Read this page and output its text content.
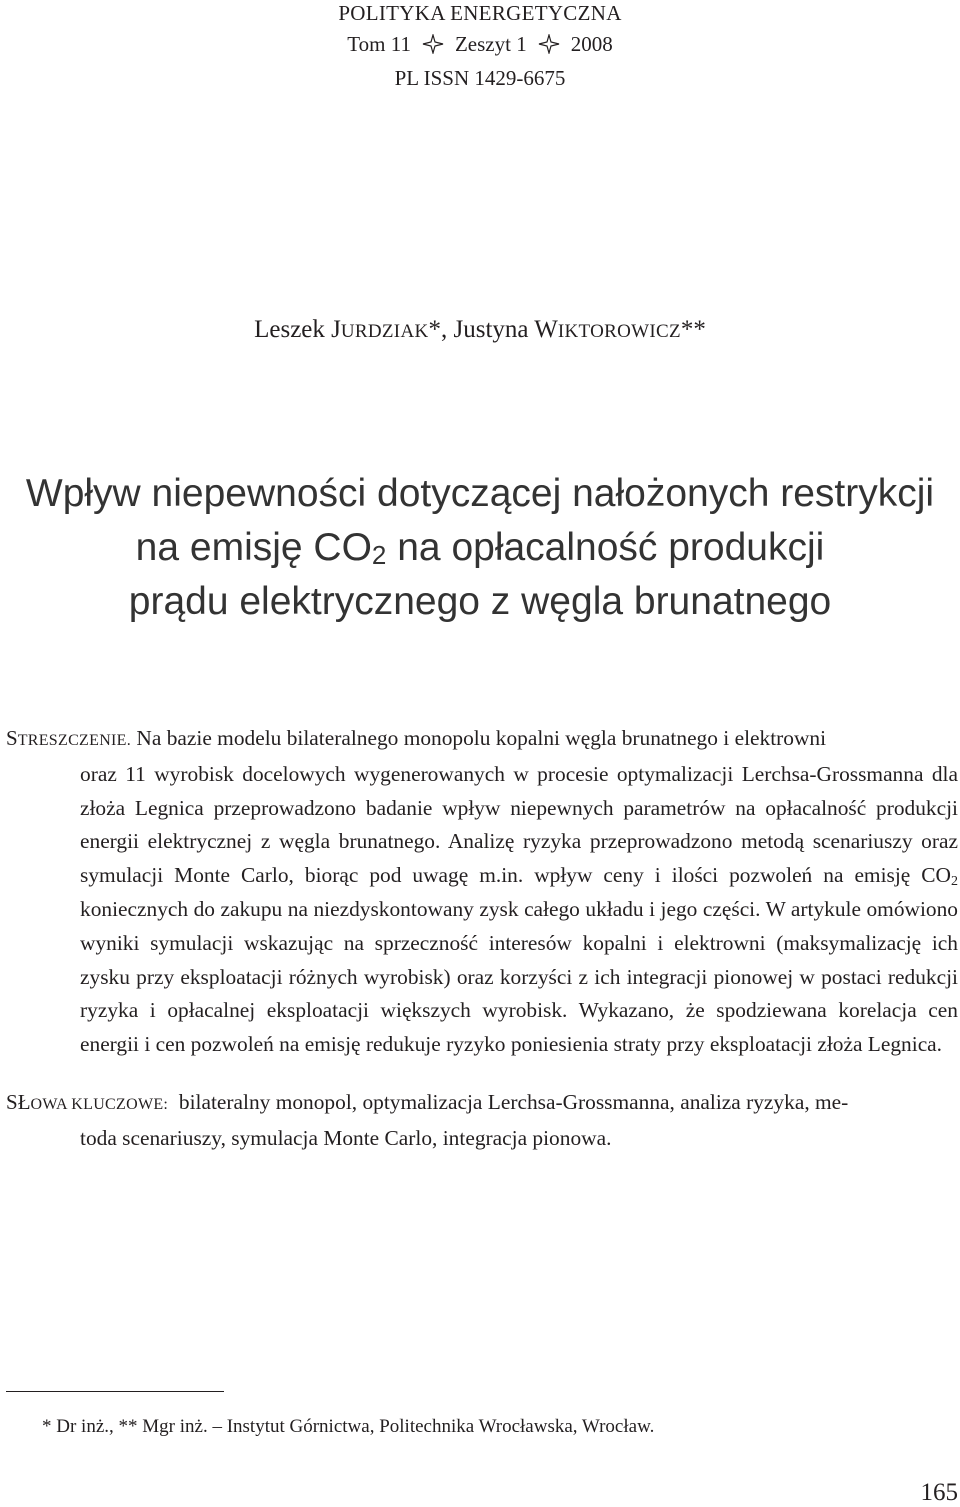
POLITYKA ENERGETYCZNA
Tom 11 Zeszyt 1 2008
PL ISSN 1429-6675
Leszek JURDZIAK*, Justyna WIKTOROWICZ**
Wpływ niepewności dotyczącej nałożonych restrykcji
na emisję $CO_2$ na opłacalność produkcji
prądu elektrycznego z węgla brunatnego
STRESZCZENIE. Na bazie modelu bilateralnego monopolu kopalni węgla brunatnego i elektrowni
oraz 11 wyrobisk docelowych wygenerowanych w procesie optymalizacji Lerchsa-Grossmanna dla złoża Legnica przeprowadzono badanie wpływ niepewnych parametrów na opłacalność produkcji energii elektrycznej z węgla brunatnego. Analizę ryzyka przeprowadzono metodą scenariuszy oraz symulacji Monte Carlo, biorąc pod uwagę m.in. wpływ ceny i ilości pozwoleń na emisję $CO_2$ koniecznych do zakupu na niezdyskontowany zysk całego układu i jego części. W artykule omówiono wyniki symulacji wskazując na sprzeczność interesów kopalni i elektrowni (maksymalizację ich zysku przy eksploatacji różnych wyrobisk) oraz korzyści z ich integracji pionowej w postaci redukcji ryzyka i opłacalnej eksploatacji większych wyrobisk. Wykazano, że spodziewana korelacja cen energii i cen pozwoleń na emisję redukuje ryzyko poniesienia straty przy eksploatacji złoża Legnica.
SŁOWA KLUCZOWE: bilateralny monopol, optymalizacja Lerchsa-Grossmanna, analiza ryzyka, me-
toda scenariuszy, symulacja Monte Carlo, integracja pionowa.
* Dr inż., ** Mgr inż. – Instytut Górnictwa, Politechnika Wrocławska, Wrocław.
165
